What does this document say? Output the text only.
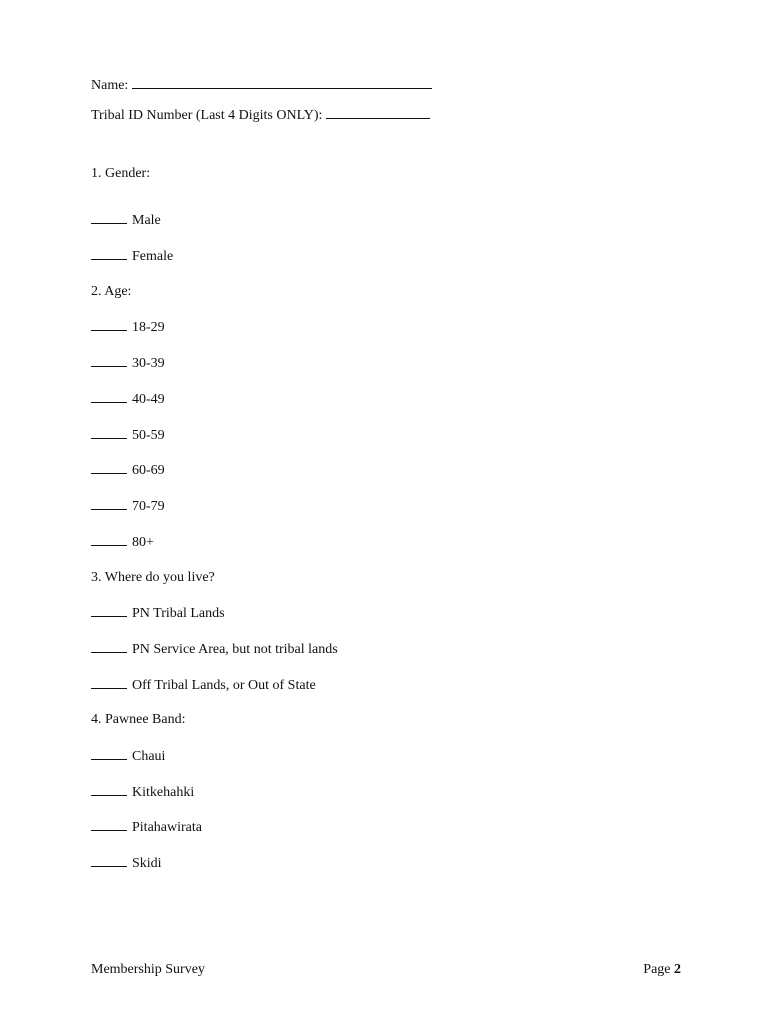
Name:
Tribal ID Number (Last 4 Digits ONLY):
1. Gender:
Male
Female
2. Age:
18-29
30-39
40-49
50-59
60-69
70-79
80+
3. Where do you live?
PN Tribal Lands
PN Service Area, but not tribal lands
Off Tribal Lands, or Out of State
4. Pawnee Band:
Chaui
Kitkehahki
Pitahawirata
Skidi
Membership Survey	Page 2
